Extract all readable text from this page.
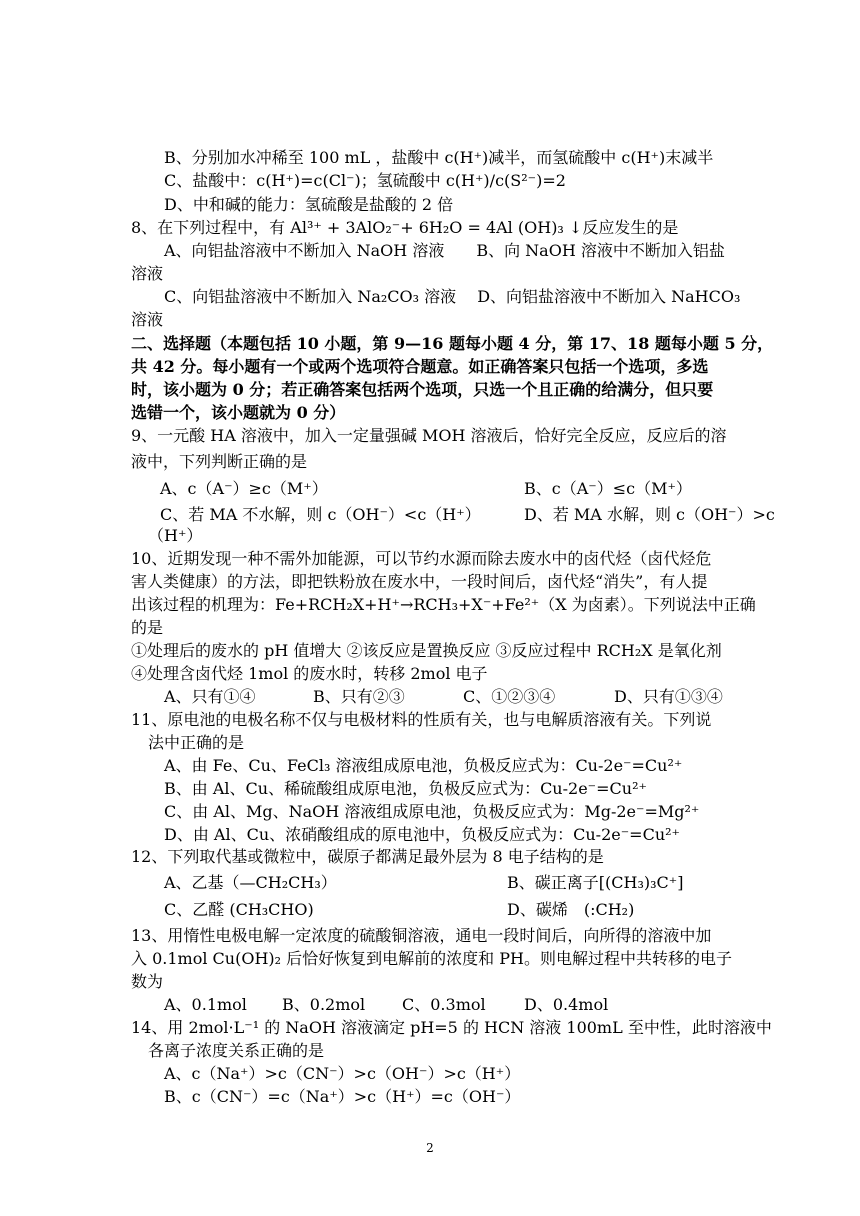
B、分别加水冲稀至 100 mL ，盐酸中 c(H⁺)减半，而氢硫酸中 c(H⁺)末减半
C、盐酸中：c(H⁺)=c(Cl⁻)；氢硫酸中 c(H⁺)/c(S²⁻)=2
D、中和碱的能力：氢硫酸是盐酸的 2 倍
8、在下列过程中，有 Al³⁺ + 3AlO₂⁻+ 6H₂O = 4Al (OH)₃ ↓反应发生的是
A、向铝盐溶液中不断加入 NaOH 溶液　　B、向 NaOH 溶液中不断加入铝盐
溶液
C、向铝盐溶液中不断加入 Na₂CO₃ 溶液　 D、向铝盐溶液中不断加入 NaHCO₃
溶液
二、选择题（本题包括 10 小题，第 9—16 题每小题 4 分，第 17、18 题每小题 5 分，
共 42 分。每小题有一个或两个选项符合题意。如正确答案只包括一个选项，多选
时，该小题为 0 分；若正确答案包括两个选项，只选一个且正确的给满分，但只要
选错一个，该小题就为 0 分）
9、一元酸 HA 溶液中，加入一定量强碱 MOH 溶液后，恰好完全反应，反应后的溶
液中，下列判断正确的是
A、c（A⁻）≥c（M⁺）	B、c（A⁻）≤c（M⁺）
C、若 MA 不水解，则 c（OH⁻）<c（H⁺）	D、若 MA 水解，则 c（OH⁻）>c
（H⁺）
10、近期发现一种不需外加能源，可以节约水源而除去废水中的卤代烃（卤代烃危
害人类健康）的方法，即把铁粉放在废水中，一段时间后，卤代烃“消失”，有人提
出该过程的机理为：Fe+RCH₂X+H⁺→RCH₃+X⁻+Fe²⁺（X 为卤素）。下列说法中正确
的是
①处理后的废水的 pH 值增大 ②该反应是置换反应 ③反应过程中 RCH₂X 是氧化剂
④处理含卤代烃 1mol 的废水时，转移 2mol 电子
A、只有①④	B、只有②③	C、①②③④	D、只有①③④
11、原电池的电极名称不仅与电极材料的性质有关，也与电解质溶液有关。下列说
法中正确的是
A、由 Fe、Cu、FeCl₃ 溶液组成原电池，负极反应式为：Cu-2e⁻=Cu²⁺
B、由 Al、Cu、稀硫酸组成原电池，负极反应式为：Cu-2e⁻=Cu²⁺
C、由 Al、Mg、NaOH 溶液组成原电池，负极反应式为：Mg-2e⁻=Mg²⁺
D、由 Al、Cu、浓硝酸组成的原电池中，负极反应式为：Cu-2e⁻=Cu²⁺
12、下列取代基或微粒中，碳原子都满足最外层为 8 电子结构的是
A、乙基（—CH₂CH₃）	B、碳正离子[(CH₃)₃C⁺]
C、乙醛 (CH₃CHO)	D、碳烯　(:CH₂)
13、用惰性电极电解一定浓度的硫酸铜溶液，通电一段时间后，向所得的溶液中加
入 0.1mol Cu(OH)₂ 后恰好恢复到电解前的浓度和 PH。则电解过程中共转移的电子
数为
A、0.1mol B、0.2mol C、0.3mol D、0.4mol
14、用 2mol·L⁻¹ 的 NaOH 溶液滴定 pH=5 的 HCN 溶液 100mL 至中性，此时溶液中
各离子浓度关系正确的是
A、c（Na⁺）>c（CN⁻）>c（OH⁻）>c（H⁺）
B、c（CN⁻）=c（Na⁺）>c（H⁺）=c（OH⁻）
2
